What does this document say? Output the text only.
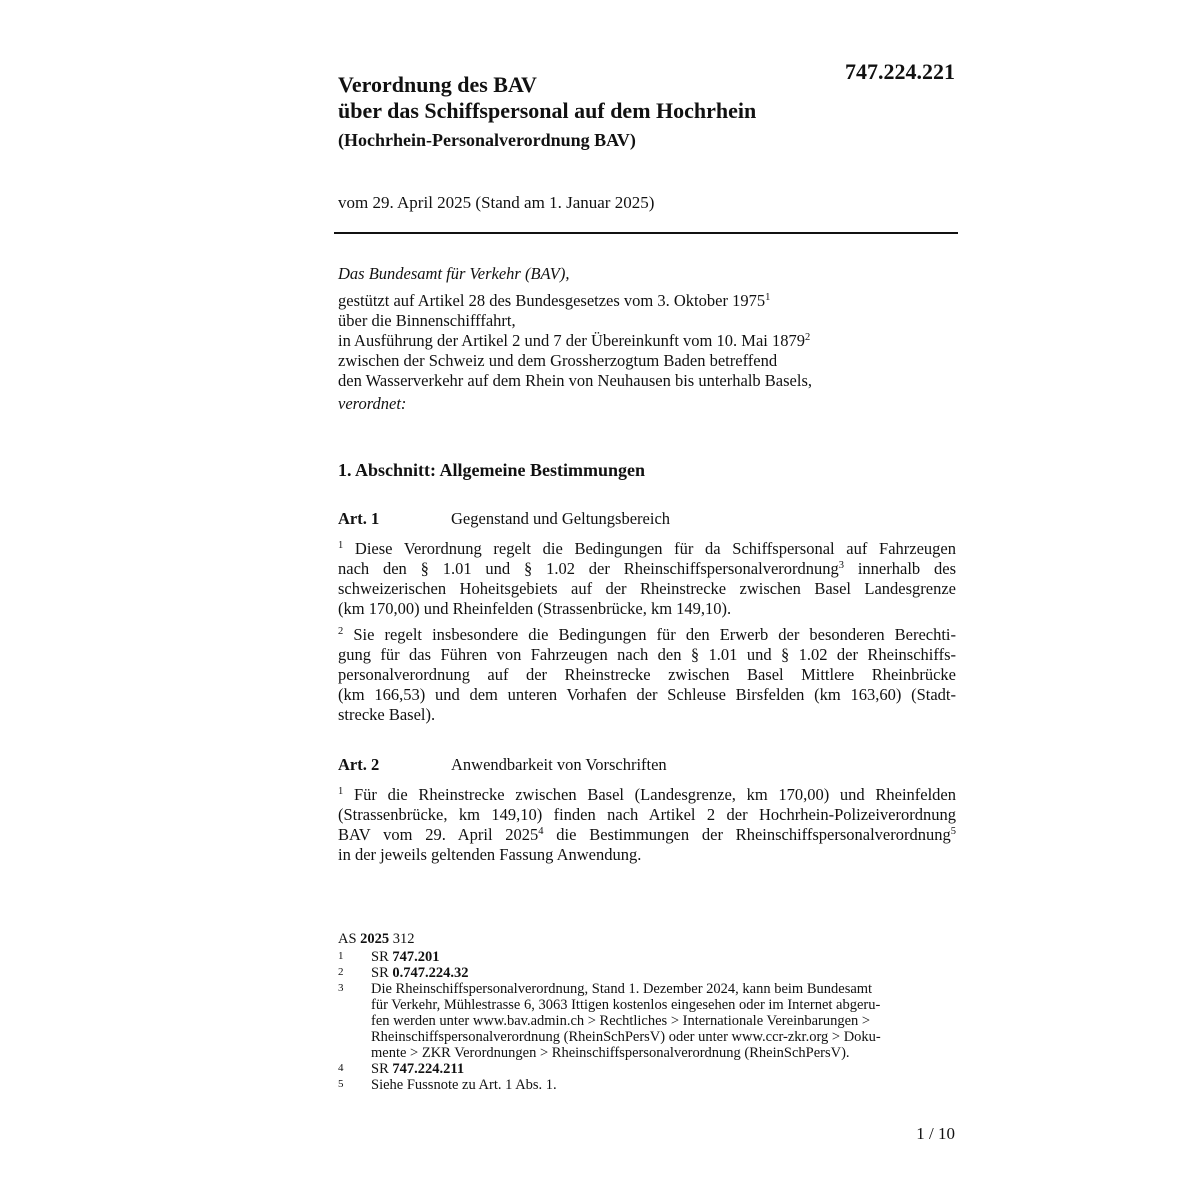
747.224.221
Verordnung des BAV
über das Schiffspersonal auf dem Hochrhein
(Hochrhein-Personalverordnung BAV)
vom 29. April 2025 (Stand am 1. Januar 2025)
Das Bundesamt für Verkehr (BAV),
gestützt auf Artikel 28 des Bundesgesetzes vom 3. Oktober 1975$^1$
über die Binnenschifffahrt,
in Ausführung der Artikel 2 und 7 der Übereinkunft vom 10. Mai 1879$^2$
zwischen der Schweiz und dem Grossherzogtum Baden betreffend
den Wasserverkehr auf dem Rhein von Neuhausen bis unterhalb Basels,
verordnet:
1. Abschnitt: Allgemeine Bestimmungen
Art. 1	Gegenstand und Geltungsbereich
$^1$ Diese Verordnung regelt die Bedingungen für da Schiffspersonal auf Fahrzeugen
nach den § 1.01 und § 1.02 der Rheinschiffspersonalverordnung$^3$ innerhalb des
schweizerischen Hoheitsgebiets auf der Rheinstrecke zwischen Basel Landesgrenze
(km 170,00) und Rheinfelden (Strassenbrücke, km 149,10).
$^2$ Sie regelt insbesondere die Bedingungen für den Erwerb der besonderen Berechti-
gung für das Führen von Fahrzeugen nach den § 1.01 und § 1.02 der Rheinschiffs-
personalverordnung auf der Rheinstrecke zwischen Basel Mittlere Rheinbrücke
(km 166,53) und dem unteren Vorhafen der Schleuse Birsfelden (km 163,60) (Stadt-
strecke Basel).
Art. 2	Anwendbarkeit von Vorschriften
$^1$ Für die Rheinstrecke zwischen Basel (Landesgrenze, km 170,00) und Rheinfelden
(Strassenbrücke, km 149,10) finden nach Artikel 2 der Hochrhein-Polizeiverordnung
BAV vom 29. April 2025$^4$ die Bestimmungen der Rheinschiffspersonalverordnung$^5$
in der jeweils geltenden Fassung Anwendung.
AS 2025 312
1	SR 747.201
2	SR 0.747.224.32
3	Die Rheinschiffspersonalverordnung, Stand 1. Dezember 2024, kann beim Bundesamt
für Verkehr, Mühlestrasse 6, 3063 Ittigen kostenlos eingesehen oder im Internet abgeru-
fen werden unter www.bav.admin.ch > Rechtliches > Internationale Vereinbarungen >
Rheinschiffspersonalverordnung (RheinSchPersV) oder unter www.ccr-zkr.org > Doku-
mente > ZKR Verordnungen > Rheinschiffspersonalverordnung (RheinSchPersV).
4	SR 747.224.211
5	Siehe Fussnote zu Art. 1 Abs. 1.
1 / 10
